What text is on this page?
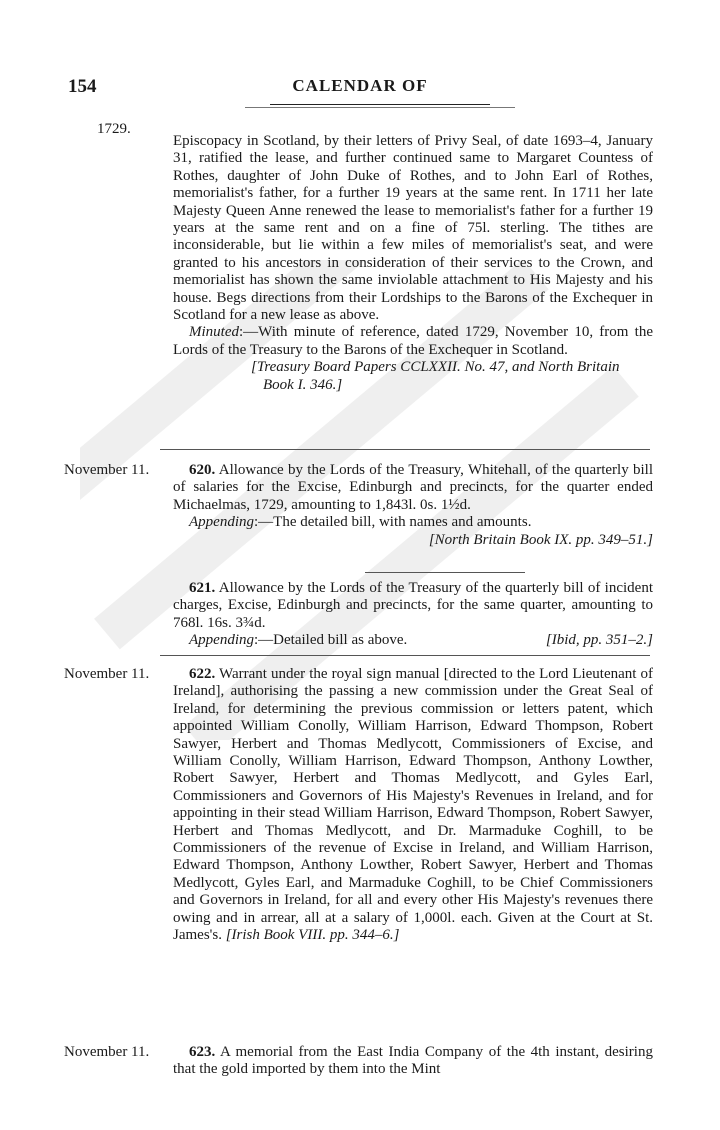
154	CALENDAR OF
1729.

Episcopacy in Scotland, by their letters of Privy Seal, of date 1693–4, January 31, ratified the lease, and further continued same to Margaret Countess of Rothes, daughter of John Duke of Rothes, and to John Earl of Rothes, memorialist's father, for a further 19 years at the same rent. In 1711 her late Majesty Queen Anne renewed the lease to memorialist's father for a further 19 years at the same rent and on a fine of 75l. sterling. The tithes are inconsiderable, but lie within a few miles of memorialist's seat, and were granted to his ancestors in consideration of their services to the Crown, and memorialist has shown the same inviolable attachment to His Majesty and his house. Begs directions from their Lordships to the Barons of the Exchequer in Scotland for a new lease as above.

Minuted:—With minute of reference, dated 1729, November 10, from the Lords of the Treasury to the Barons of the Exchequer in Scotland.

[Treasury Board Papers CCLXXII. No. 47, and North Britain Book I. 346.]

November 11.	620. Allowance by the Lords of the Treasury, Whitehall, of the quarterly bill of salaries for the Excise, Edinburgh and precincts, for the quarter ended Michaelmas, 1729, amounting to 1,843l. 0s. 1½d.

Appending:—The detailed bill, with names and amounts.

[North Britain Book IX. pp. 349–51.]

621. Allowance by the Lords of the Treasury of the quarterly bill of incident charges, Excise, Edinburgh and precincts, for the same quarter, amounting to 768l. 16s. 3¾d.

Appending:—Detailed bill as above.	[Ibid, pp. 351–2.]

November 11.	622. Warrant under the royal sign manual [directed to the Lord Lieutenant of Ireland], authorising the passing a new commission under the Great Seal of Ireland, for determining the previous commission or letters patent, which appointed William Conolly, William Harrison, Edward Thompson, Robert Sawyer, Herbert and Thomas Medlycott, Commissioners of Excise, and William Conolly, William Harrison, Edward Thompson, Anthony Lowther, Robert Sawyer, Herbert and Thomas Medlycott, and Gyles Earl, Commissioners and Governors of His Majesty's Revenues in Ireland, and for appointing in their stead William Harrison, Edward Thompson, Robert Sawyer, Herbert and Thomas Medlycott, and Dr. Marmaduke Coghill, to be Commissioners of the revenue of Excise in Ireland, and William Harrison, Edward Thompson, Anthony Lowther, Robert Sawyer, Herbert and Thomas Medlycott, Gyles Earl, and Marmaduke Coghill, to be Chief Commissioners and Governors in Ireland, for all and every other His Majesty's revenues there owing and in arrear, all at a salary of 1,000l. each. Given at the Court at St. James's. [Irish Book VIII. pp. 344–6.]

November 11.	623. A memorial from the East India Company of the 4th instant, desiring that the gold imported by them into the Mint
